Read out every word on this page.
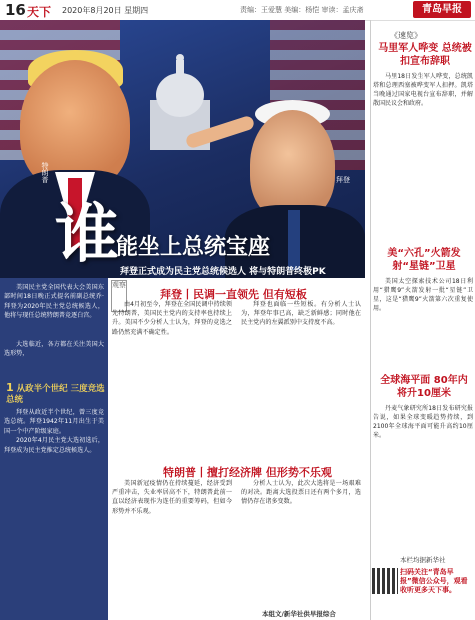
16 天下 2020年8月20日 星期四	责编：王爱慧 美编：杨恺 审读：孟庆斋	青岛早报
特朗普	拜登
谁
能坐上总统宝座
拜登正式成为民主党总统候选人 将与特朗普终极PK

美国民主党全国代表大会美国东部时间18日晚正式提名前副总统乔·拜登为2020年民主党总统候选人，他将与现任总统特朗普竞逐白宫。

大选临近，各方都在关注美国大选形势，

1 从政半个世纪 三度竞选总统

拜登从政近半个世纪，曾三度竞选总统。拜登1942年11月出生于美国一个中产阶级家庭。

2020年4月民主党大选初选后，拜登成为民主党推定总统候选人。

观察
拜登丨民调一直领先 但有短板

由4月初至今，拜登在全国民调中持续领先特朗普，美国民主党内的支持率也持续上升。美国不少分析人士认为，拜登的竞选之路仍然充满不确定性。

拜登也面临一些短板。有分析人士认为，拜登年事已高，缺乏新鲜感；同时他在民主党内的左翼派别中支持度不高。

特朗普丨擅打经济牌 但形势不乐观

美国新冠疫情仍在持续蔓延，经济受到严重冲击，失业率居高不下，特朗普此前一直以经济表现作为连任的重要筹码，但如今形势并不乐观。

分析人士认为，此次大选将是一场艰难的对决。距离大选投票日还有两个多月，选情仍存在诸多变数。

本组文/新华社供早报综合
《速览》
马里军人哗变 总统被扣宣布辞职

马里18日发生军人哗变，总统凯塔和总理西塞被哗变军人扣押。凯塔当晚通过国家电视台宣布辞职，并解散国民议会和政府。

美“六孔”火箭发射“星链”卫星

美国太空探索技术公司18日利用“猎鹰9”火箭发射一批“星链”卫星，这是“猎鹰9”火箭第六次重复使用。

全球海平面 80年内将升10厘米

丹麦气象研究所18日发布研究报告说，如果全球变暖趋势持续，到2100年全球海平面可能升高约10厘米。

本栏均据新华社
扫码关注“青岛早报”微信公众号，观看收听更多天下事。
